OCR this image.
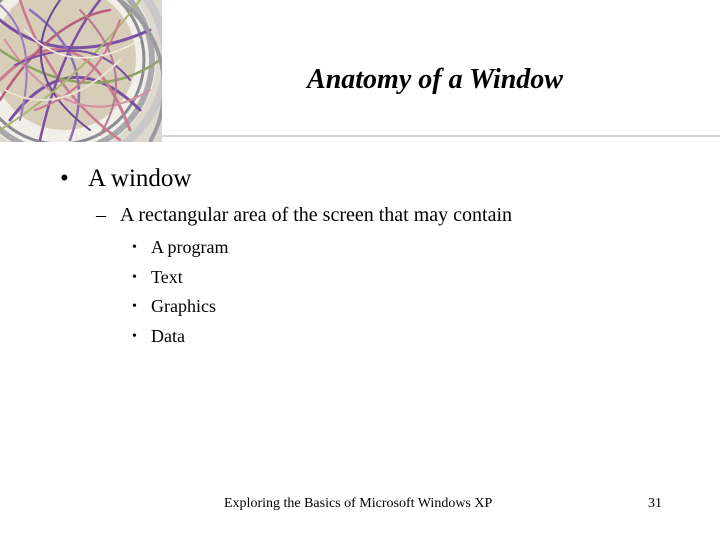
Anatomy of a Window
• A window
– A rectangular area of the screen that may contain
• A program
• Text
• Graphics
• Data
Exploring the Basics of Microsoft Windows XP	31
